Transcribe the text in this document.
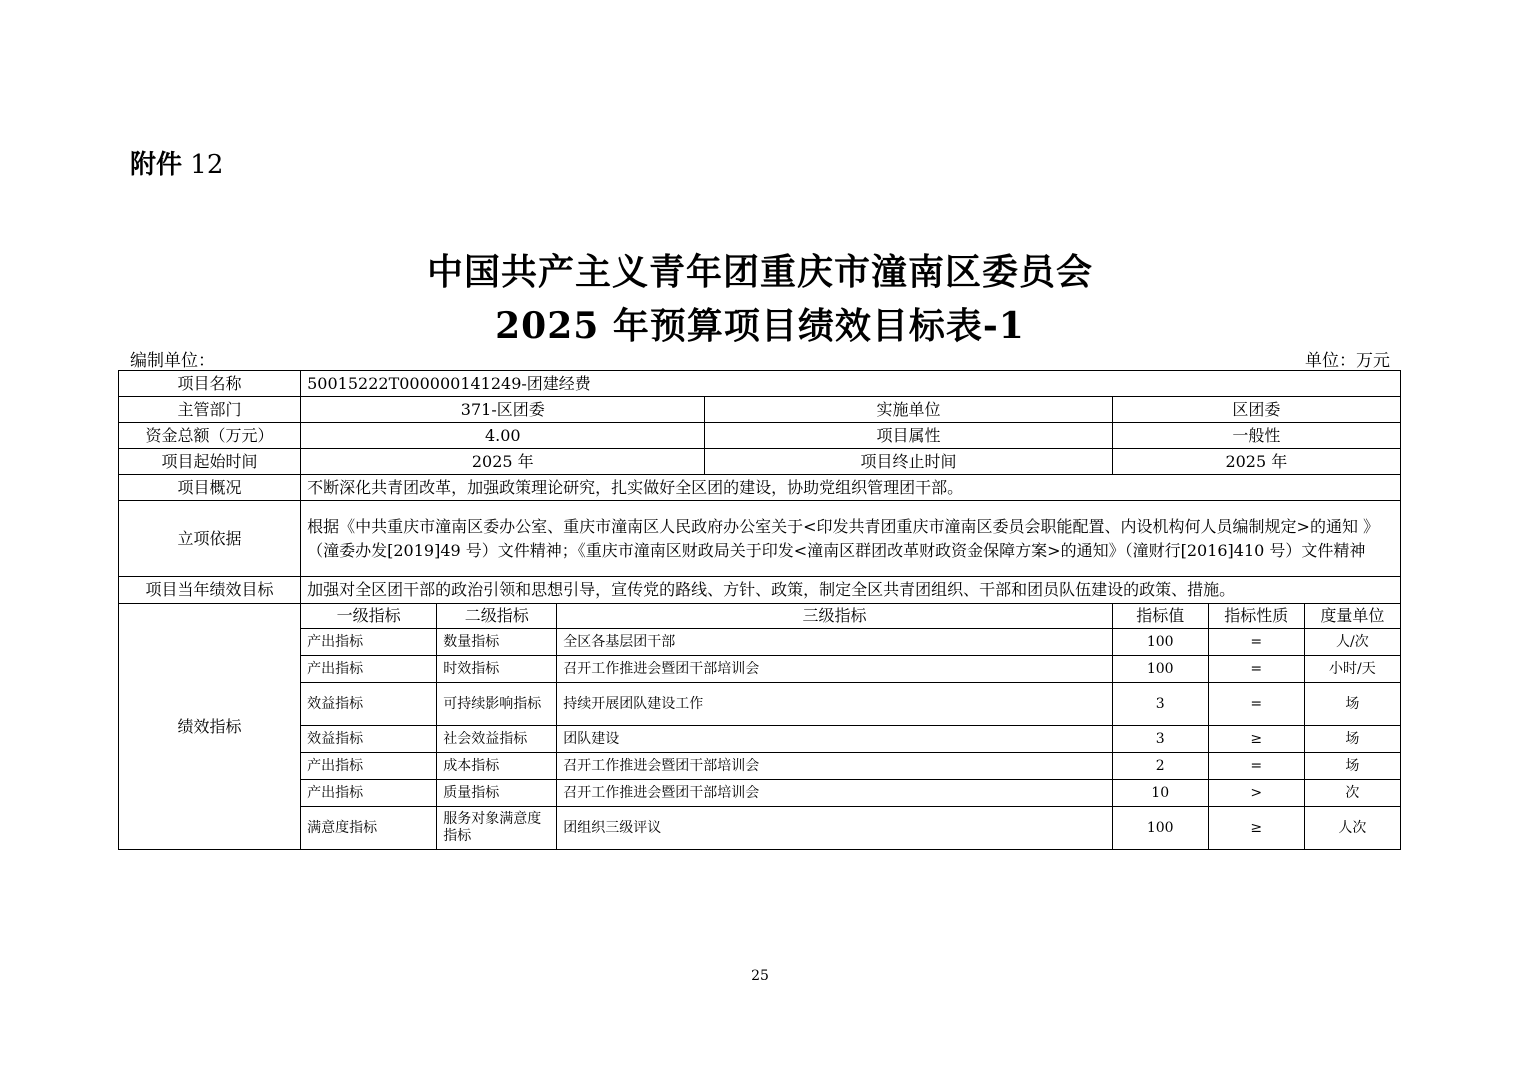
附件 12
中国共产主义青年团重庆市潼南区委员会
2025 年预算项目绩效目标表-1
编制单位：	单位：万元
项目名称	50015222T000000141249-团建经费						
主管部门	371-区团委			实施单位	区团委		
资金总额（万元）	4.00			项目属性	一般性		
项目起始时间	2025 年			项目终止时间	2025 年		
项目概况	不断深化共青团改革，加强政策理论研究，扎实做好全区团的建设，协助党组织管理团干部。						
立项依据	根据《中共重庆市潼南区委办公室、重庆市潼南区人民政府办公室关于<印发共青团重庆市潼南区委员会职能配置、内设机构何人员编制规定>的通知 》（潼委办发[2019]49 号）文件精神；《重庆市潼南区财政局关于印发<潼南区群团改革财政资金保障方案>的通知》（潼财行[2016]410 号）文件精神						
项目当年绩效目标	加强对全区团干部的政治引领和思想引导，宣传党的路线、方针、政策，制定全区共青团组织、干部和团员队伍建设的政策、措施。						
绩效指标	一级指标	二级指标	三级指标		指标值	指标性质	度量单位
	产出指标	数量指标	全区各基层团干部		100	=	人/次
	产出指标	时效指标	召开工作推进会暨团干部培训会		100	=	小时/天
	效益指标	可持续影响指标	持续开展团队建设工作		3	=	场
	效益指标	社会效益指标	团队建设		3	≥	场
	产出指标	成本指标	召开工作推进会暨团干部培训会		2	=	场
	产出指标	质量指标	召开工作推进会暨团干部培训会		10	>	次
	满意度指标	服务对象满意度指标	团组织三级评议		100	≥	人次
25
